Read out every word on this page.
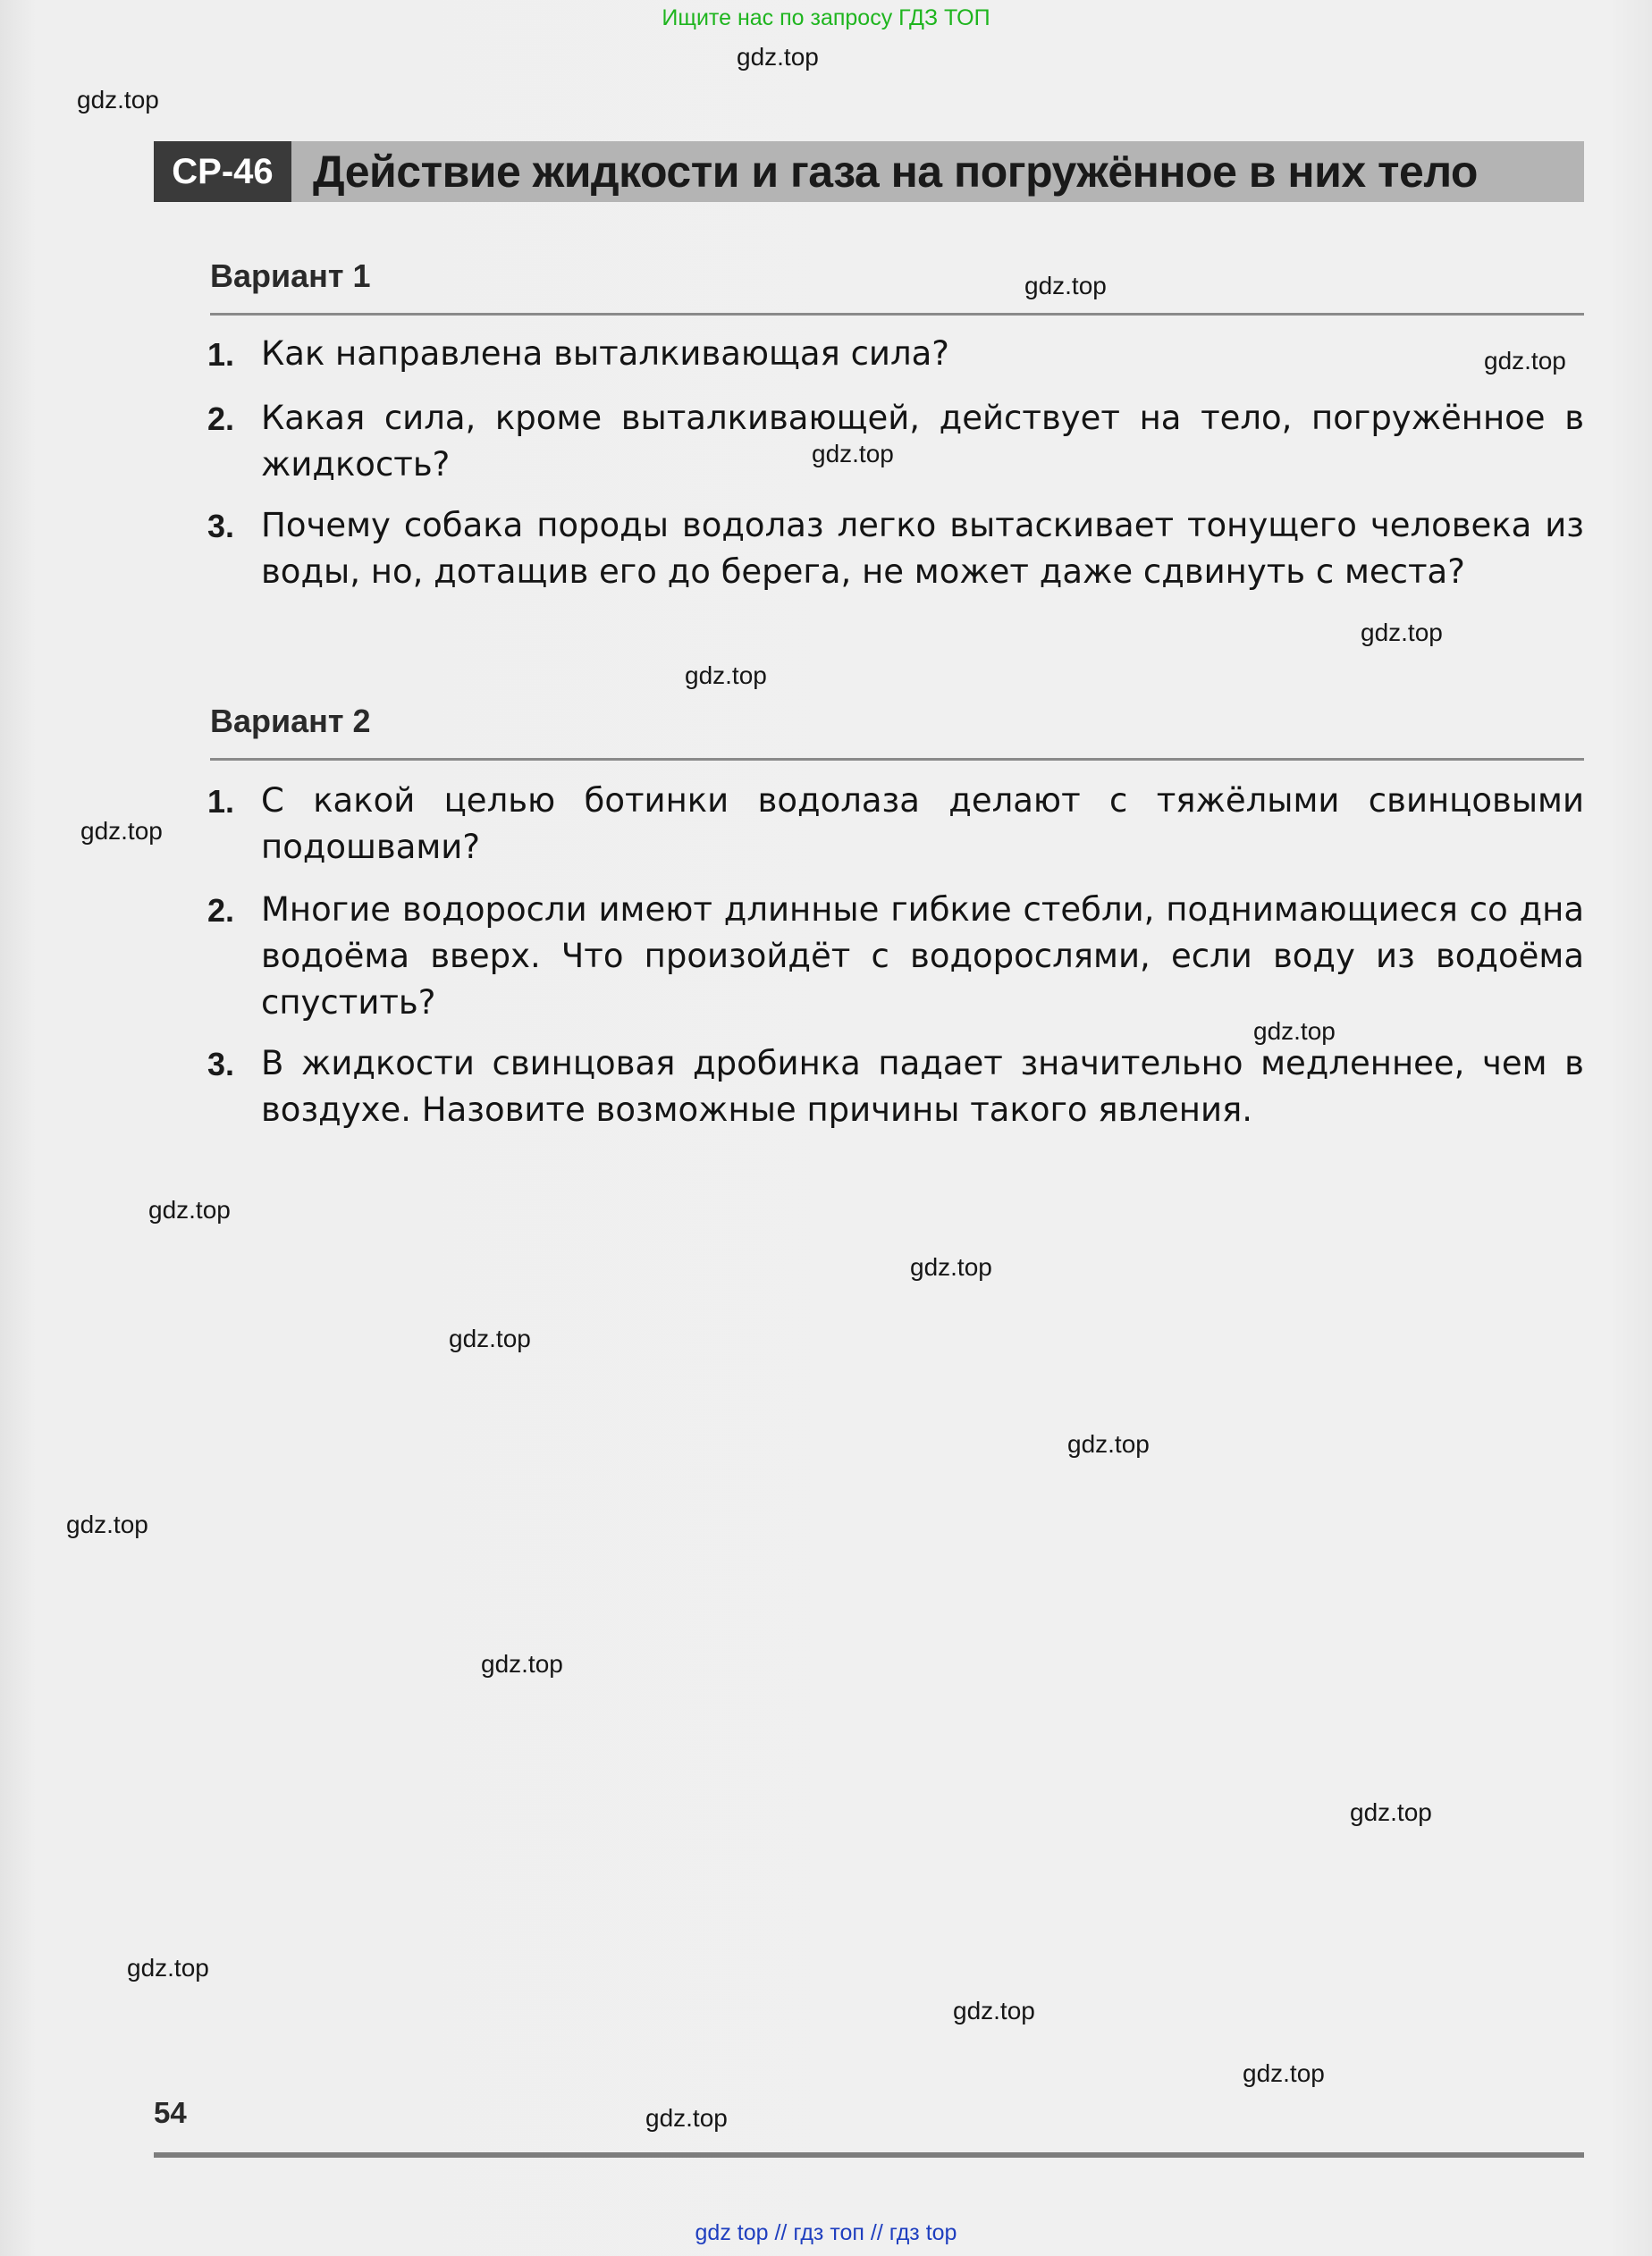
Ищите нас по запросу ГДЗ ТОП
СР-46 Действие жидкости и газа на погружённое в них тело
Вариант 1
1. Как направлена выталкивающая сила?
2. Какая сила, кроме выталкивающей, действует на тело, погружённое в жидкость?
3. Почему собака породы водолаз легко вытаскивает тонущего человека из воды, но, дотащив его до берега, не может даже сдвинуть с места?
Вариант 2
1. С какой целью ботинки водолаза делают с тяжёлыми свинцовыми подошвами?
2. Многие водоросли имеют длинные гибкие стебли, поднимающиеся со дна водоёма вверх. Что произойдёт с водорослями, если воду из водоёма спустить?
3. В жидкости свинцовая дробинка падает значительно медленнее, чем в воздухе. Назовите возможные причины такого явления.
54
gdz.top
gdz.top
gdz.top
gdz.top
gdz.top
gdz.top
gdz.top
gdz.top
gdz.top
gdz.top
gdz.top
gdz.top
gdz.top
gdz.top
gdz.top
gdz.top
gdz.top
gdz.top
gdz.top
gdz.top
gdz top // гдз топ // гдз top
